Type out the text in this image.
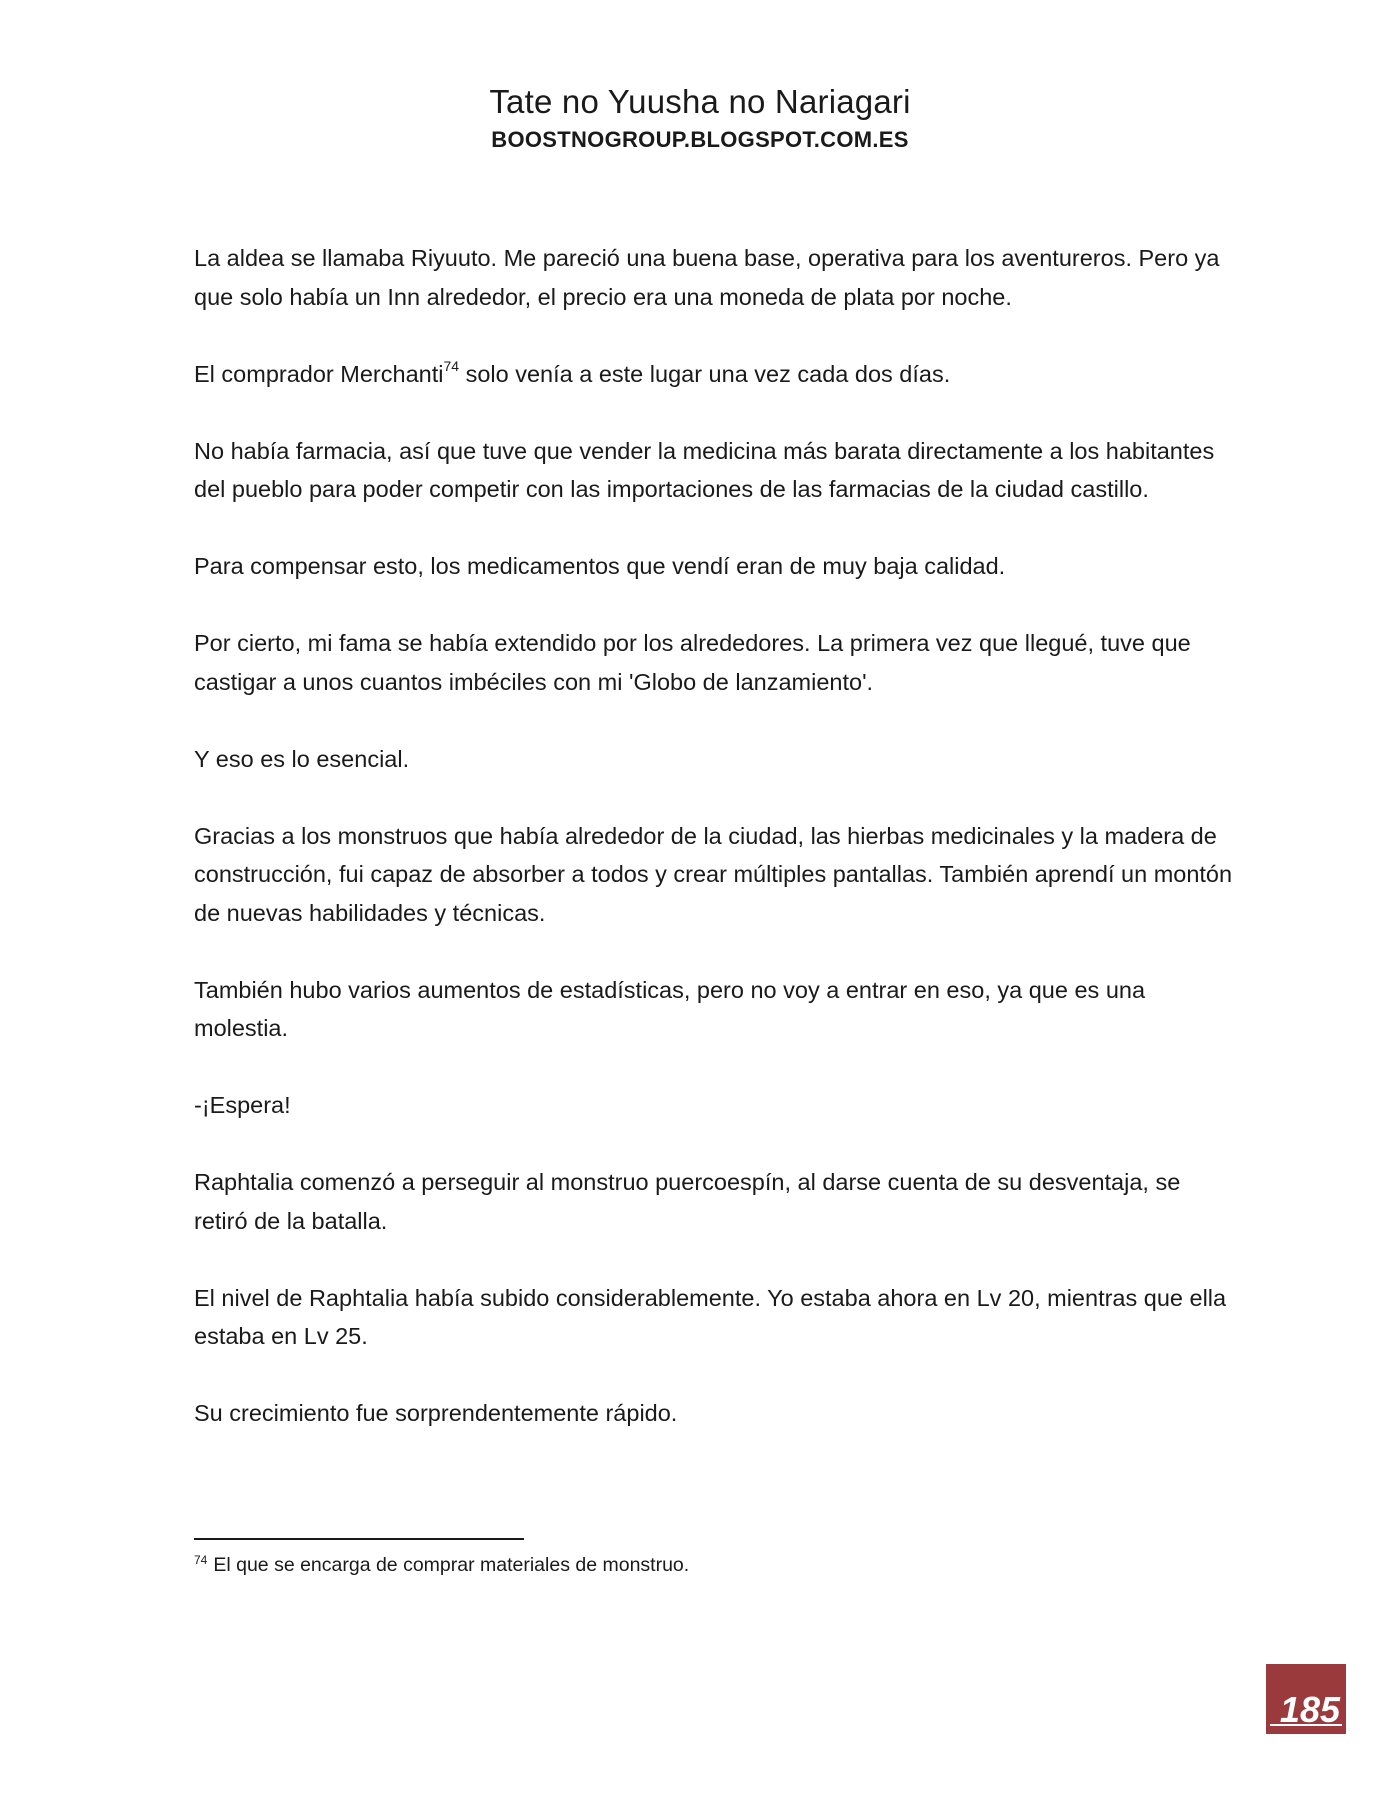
Tate no Yuusha no Nariagari
BOOSTNOGROUP.BLOGSPOT.COM.ES

La aldea se llamaba Riyuuto. Me pareció una buena base, operativa para los aventureros. Pero ya que solo había un Inn alrededor, el precio era una moneda de plata por noche.

El comprador Merchanti$^{74}$ solo venía a este lugar una vez cada dos días.

No había farmacia, así que tuve que vender la medicina más barata directamente a los habitantes del pueblo para poder competir con las importaciones de las farmacias de la ciudad castillo.

Para compensar esto, los medicamentos que vendí eran de muy baja calidad.

Por cierto, mi fama se había extendido por los alrededores. La primera vez que llegué, tuve que castigar a unos cuantos imbéciles con mi 'Globo de lanzamiento'.

Y eso es lo esencial.

Gracias a los monstruos que había alrededor de la ciudad, las hierbas medicinales y la madera de construcción, fui capaz de absorber a todos y crear múltiples pantallas. También aprendí un montón de nuevas habilidades y técnicas.

También hubo varios aumentos de estadísticas, pero no voy a entrar en eso, ya que es una molestia.

-¡Espera!

Raphtalia comenzó a perseguir al monstruo puercoespín, al darse cuenta de su desventaja, se retiró de la batalla.

El nivel de Raphtalia había subido considerablemente. Yo estaba ahora en Lv 20, mientras que ella estaba en Lv 25.

Su crecimiento fue sorprendentemente rápido.

$^{74}$ El que se encarga de comprar materiales de monstruo.
185
